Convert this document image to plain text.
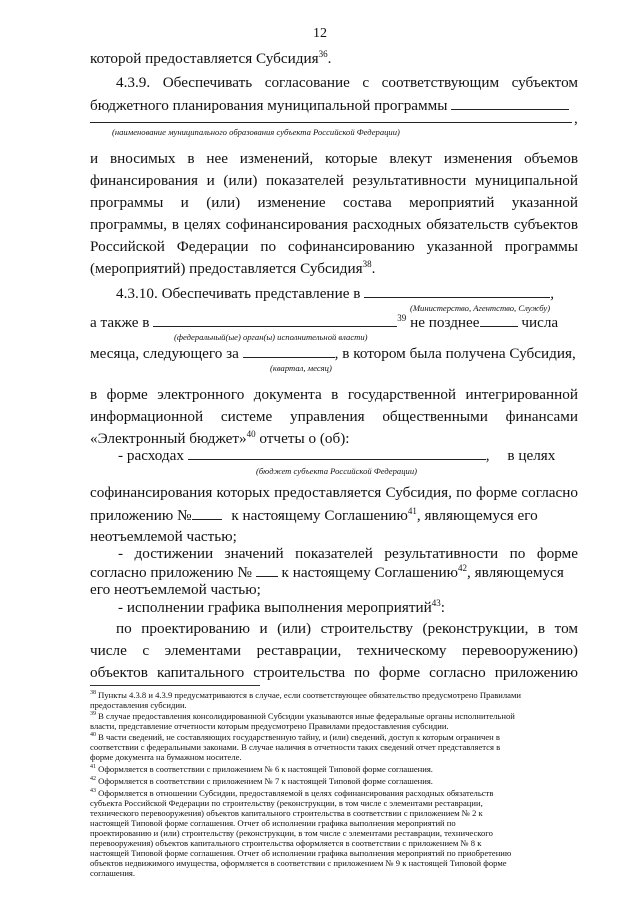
12
которой предоставляется Субсидия$^{36}$.
4.3.9. Обеспечивать согласование с соответствующим субъектом
бюджетного планирования муниципальной программы
,
(наименование муниципального образования субъекта Российской Федерации)
и вносимых в нее изменений, которые влекут изменения объемов
финансирования и (или) показателей результативности муниципальной
программы и (или) изменение состава мероприятий указанной
программы, в целях софинансирования расходных обязательств субъектов
Российской Федерации по софинансированию указанной программы
(мероприятий) предоставляется Субсидия$^{38}$.
4.3.10. Обеспечивать представление в	,
(Министерство, Агентство, Службу)
а также в	$^{39}$ не позднее	числа
(федеральный(ые) орган(ы) исполнительной власти)
месяца, следующего за	, в котором была получена Субсидия,
(квартал, месяц)
в форме электронного документа в государственной интегрированной
информационной системе управления общественными финансами
«Электронный бюджет»$^{40}$ отчеты о (об):
- расходах	, в целях
(бюджет субъекта Российской Федерации)
софинансирования которых предоставляется Субсидия, по форме согласно
приложению №	к настоящему Соглашению$^{41}$, являющемуся его
неотъемлемой частью;
- достижении значений показателей результативности по форме
согласно приложению № к настоящему Соглашению$^{42}$, являющемуся
его неотъемлемой частью;
- исполнении графика выполнения мероприятий$^{43}$:
по проектированию и (или) строительству (реконструкции, в том
числе с элементами реставрации, техническому перевооружению)
объектов капитального строительства по форме согласно приложению
$^{38}$ Пункты 4.3.8 и 4.3.9 предусматриваются в случае, если соответствующее обязательство предусмотрено Правилами
предоставления субсидии.
$^{39}$ В случае предоставления консолидированной Субсидии указываются иные федеральные органы исполнительной
власти, представление отчетности которым предусмотрено Правилами предоставления субсидии.
$^{40}$ В части сведений, не составляющих государственную тайну, и (или) сведений, доступ к которым ограничен в
соответствии с федеральными законами. В случае наличия в отчетности таких сведений отчет представляется в
форме документа на бумажном носителе.
$^{41}$ Оформляется в соответствии с приложением № 6 к настоящей Типовой форме соглашения.
$^{42}$ Оформляется в соответствии с приложением № 7 к настоящей Типовой форме соглашения.
$^{43}$ Оформляется в отношении Субсидии, предоставляемой в целях софинансирования расходных обязательств
субъекта Российской Федерации по строительству (реконструкции, в том числе с элементами реставрации,
технического перевооружения) объектов капитального строительства в соответствии с приложением № 2 к
настоящей Типовой форме соглашения. Отчет об исполнении графика выполнения мероприятий по
проектированию и (или) строительству (реконструкции, в том числе с элементами реставрации, технического
перевооружения) объектов капитального строительства оформляется в соответствии с приложением № 8 к
настоящей Типовой форме соглашения. Отчет об исполнении графика выполнения мероприятий по приобретению
объектов недвижимого имущества, оформляется в соответствии с приложением № 9 к настоящей Типовой форме
соглашения.
